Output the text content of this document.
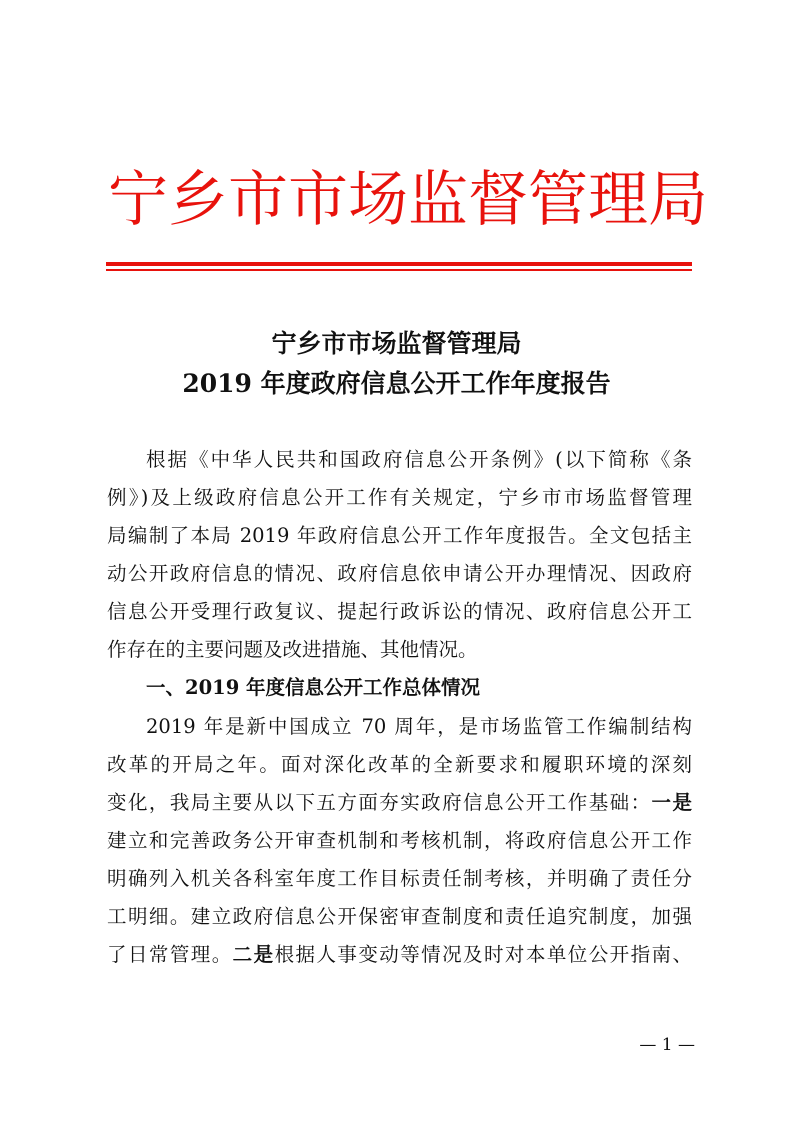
宁 乡 市 市 场 监 督 管 理 局
宁乡市市场监督管理局
2019 年度政府信息公开工作年度报告
根据《中华人民共和国政府信息公开条例》(以下简称《条
例》)及上级政府信息公开工作有关规定，宁乡市市场监督管理
局编制了本局 2019 年政府信息公开工作年度报告。全文包括主
动公开政府信息的情况、政府信息依申请公开办理情况、因政府
信息公开受理行政复议、提起行政诉讼的情况、政府信息公开工
作存在的主要问题及改进措施、其他情况。
一、2019 年度信息公开工作总体情况
2019 年是新中国成立 70 周年，是市场监管工作编制结构
改革的开局之年。面对深化改革的全新要求和履职环境的深刻
变化，我局主要从以下五方面夯实政府信息公开工作基础：一是
建立和完善政务公开审查机制和考核机制，将政府信息公开工作
明确列入机关各科室年度工作目标责任制考核，并明确了责任分
工明细。建立政府信息公开保密审查制度和责任追究制度，加强
了日常管理。二是根据人事变动等情况及时对本单位公开指南、
— 1 —
